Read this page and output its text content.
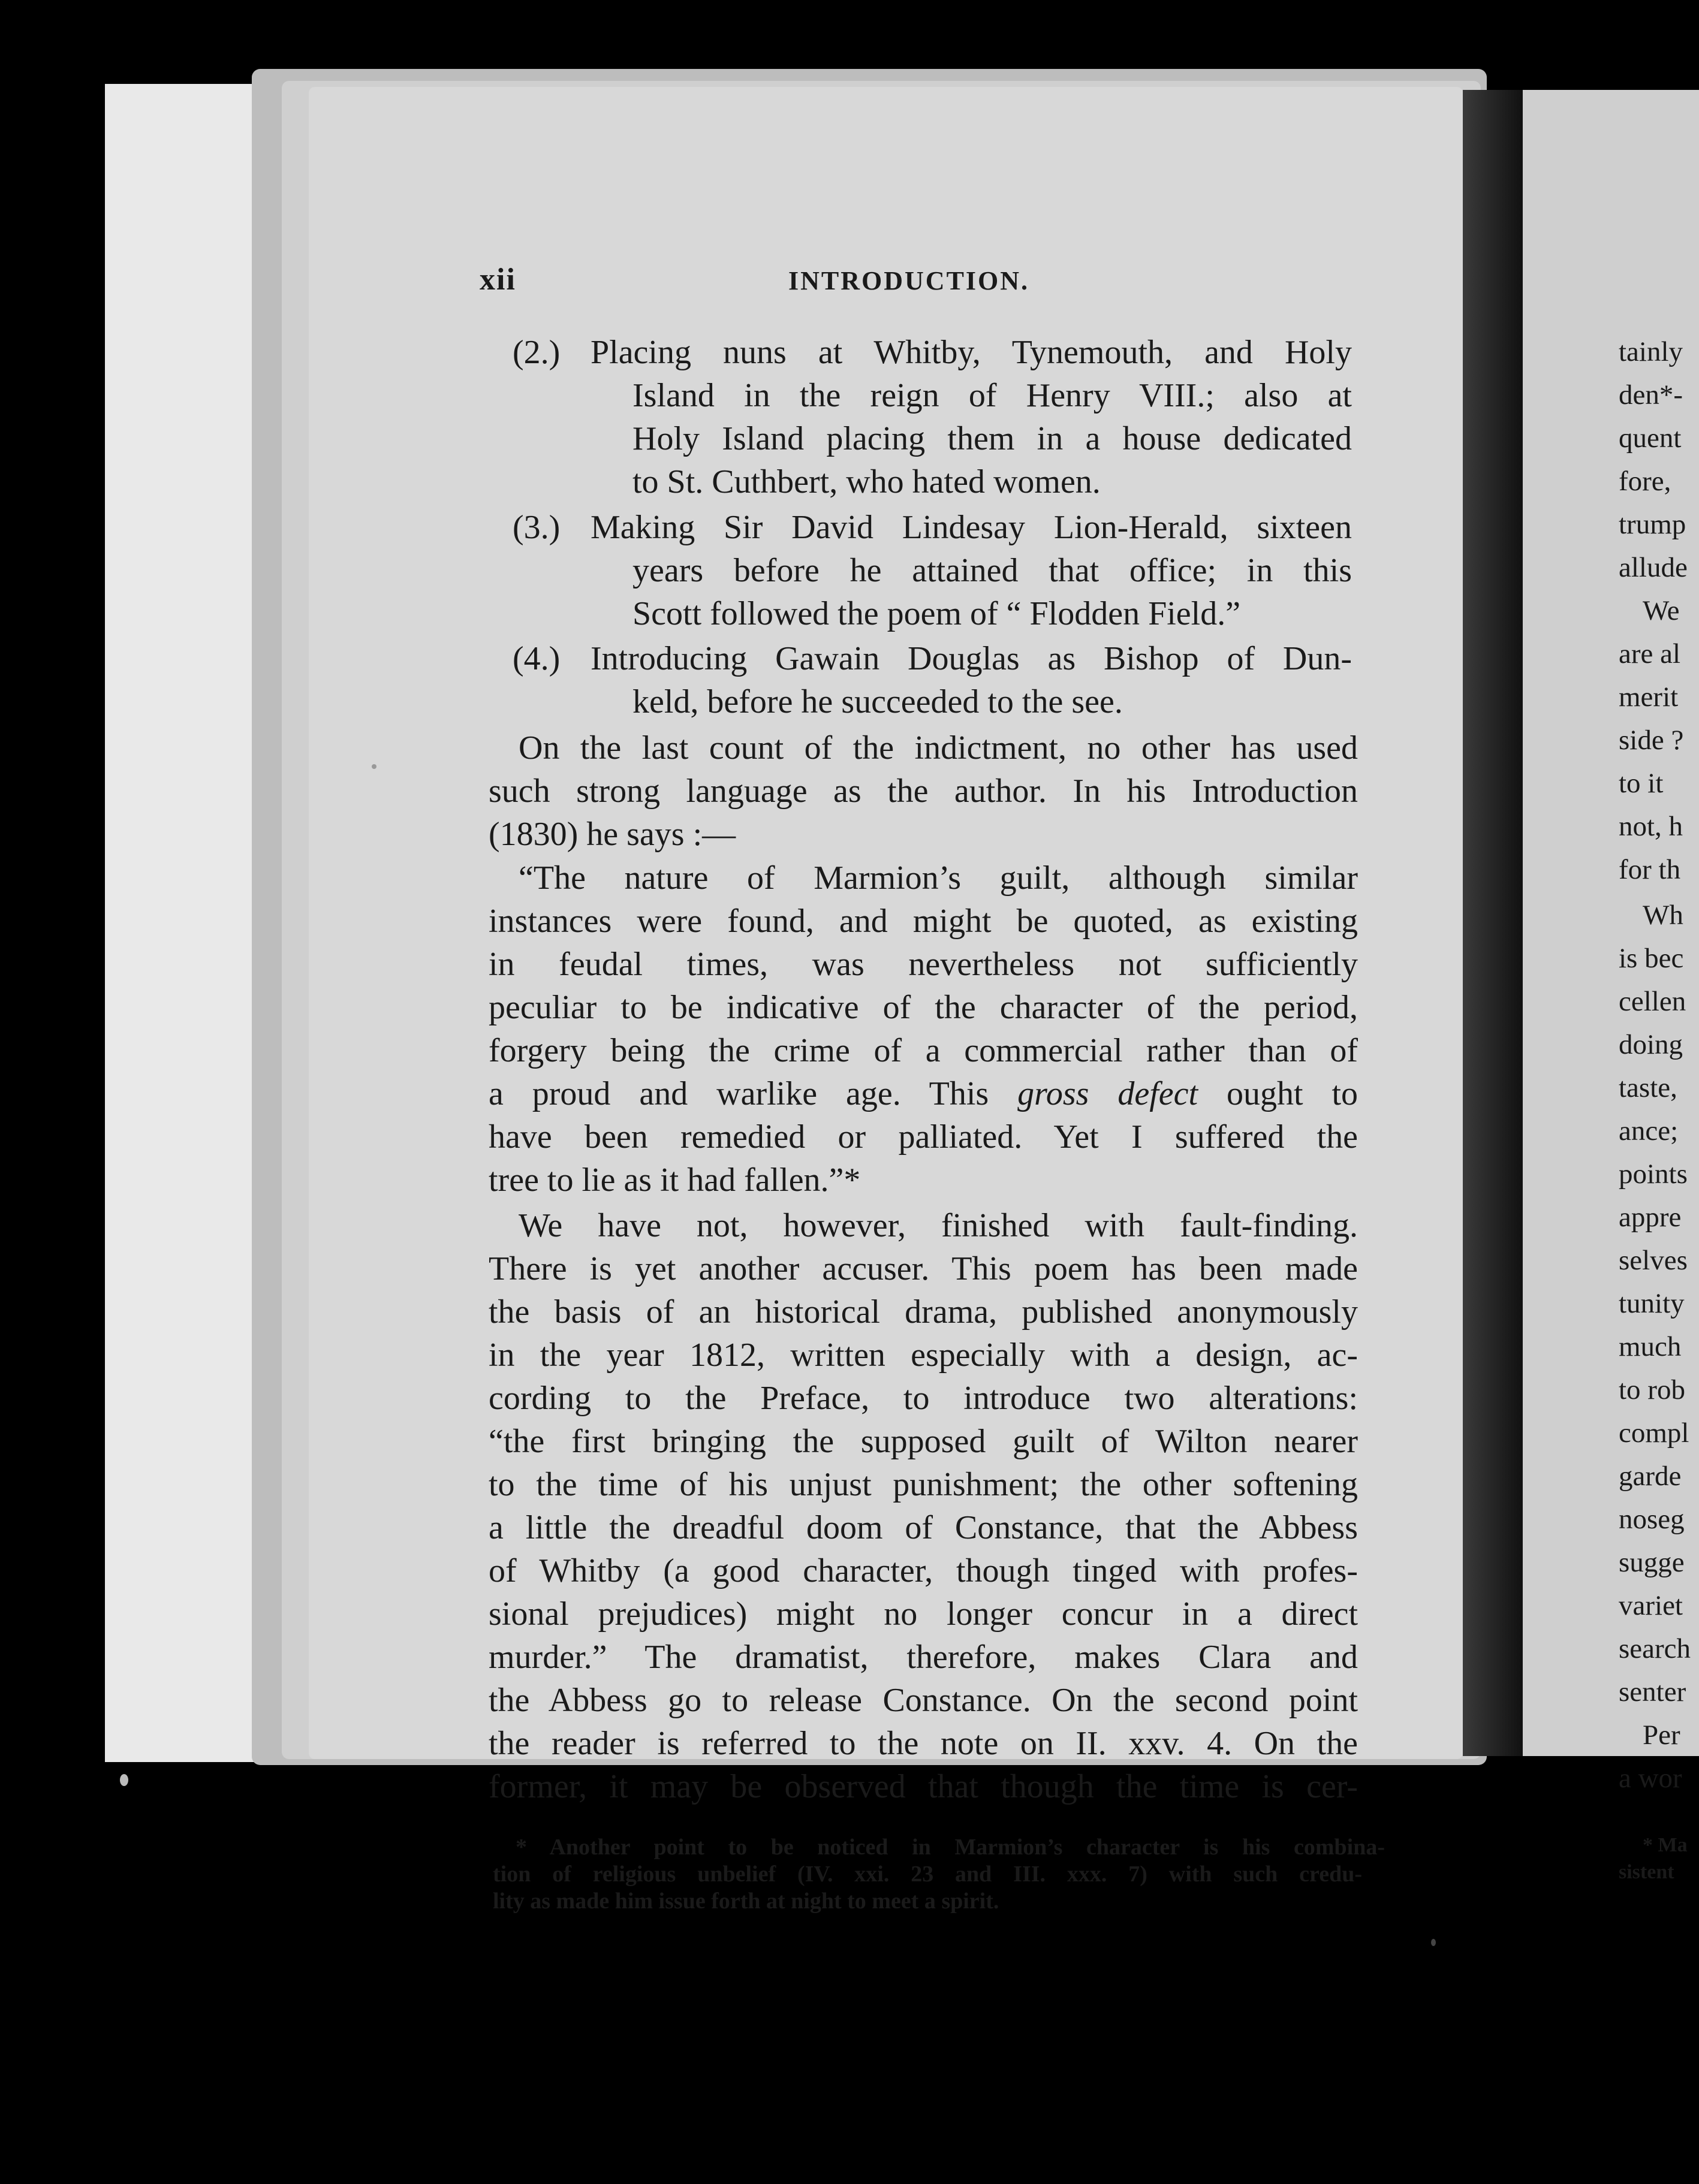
tainly
den*-
quent
fore,
trump
allude
We
are al
merit
side ?
to it
not, h
for th
Wh
is bec
cellen
doing
taste,
ance;
points
appre
selves
tunity
much
to rob
compl
garde
noseg
sugge
variet
search
senter
Per
a wor
* Ma
sistent
xii	INTRODUCTION.
(2.) Placing nuns at Whitby, Tynemouth, and Holy
Island in the reign of Henry VIII.; also at
Holy Island placing them in a house dedicated
to St. Cuthbert, who hated women.
(3.) Making Sir David Lindesay Lion-Herald, sixteen
years before he attained that office; in this
Scott followed the poem of “ Flodden Field.”
(4.) Introducing Gawain Douglas as Bishop of Dun-
keld, before he succeeded to the see.
On the last count of the indictment, no other has used
such strong language as the author. In his Introduction
(1830) he says :—
“The nature of Marmion’s guilt, although similar
instances were found, and might be quoted, as existing
in feudal times, was nevertheless not sufficiently
peculiar to be indicative of the character of the period,
forgery being the crime of a commercial rather than of
a proud and warlike age. This gross defect ought to
have been remedied or palliated. Yet I suffered the
tree to lie as it had fallen.”*
We have not, however, finished with fault-finding.
There is yet another accuser. This poem has been made
the basis of an historical drama, published anonymously
in the year 1812, written especially with a design, ac-
cording to the Preface, to introduce two alterations:
“the first bringing the supposed guilt of Wilton nearer
to the time of his unjust punishment; the other softening
a little the dreadful doom of Constance, that the Abbess
of Whitby (a good character, though tinged with profes-
sional prejudices) might no longer concur in a direct
murder.” The dramatist, therefore, makes Clara and
the Abbess go to release Constance. On the second point
the reader is referred to the note on II. xxv. 4. On the
former, it may be observed that though the time is cer-
* Another point to be noticed in Marmion’s character is his combina-
tion of religious unbelief (IV. xxi. 23 and III. xxx. 7) with such credu-
lity as made him issue forth at night to meet a spirit.
